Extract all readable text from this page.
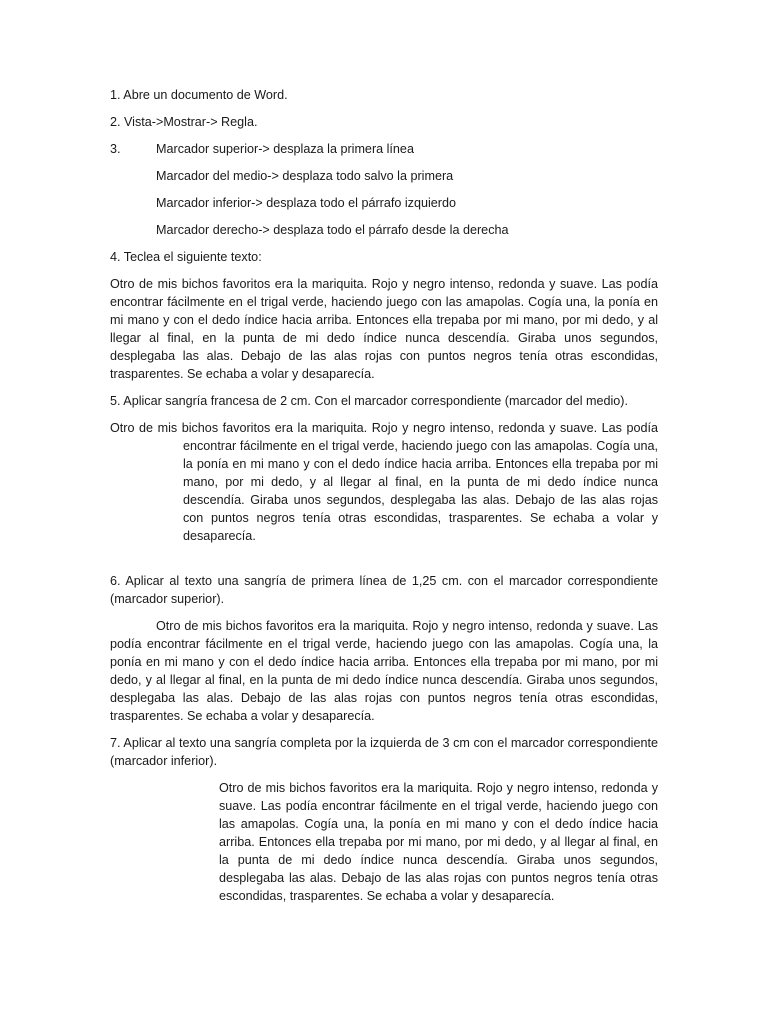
1. Abre un documento de Word.

2. Vista->Mostrar-> Regla.

3.	Marcador superior-> desplaza la primera línea

Marcador del medio-> desplaza todo salvo la primera

Marcador inferior-> desplaza todo el párrafo izquierdo

Marcador derecho-> desplaza todo el párrafo desde la derecha

4. Teclea el siguiente texto:

Otro de mis bichos favoritos era la mariquita. Rojo y negro intenso, redonda y suave. Las podía encontrar fácilmente en el trigal verde, haciendo juego con las amapolas. Cogía una, la ponía en mi mano y con el dedo índice hacia arriba. Entonces ella trepaba por mi mano, por mi dedo, y al llegar al final, en la punta de mi dedo índice nunca descendía. Giraba unos segundos, desplegaba las alas. Debajo de las alas rojas con puntos negros tenía otras escondidas, trasparentes. Se echaba a volar y desaparecía.

5. Aplicar sangría francesa de 2 cm. Con el marcador correspondiente (marcador del medio).

Otro de mis bichos favoritos era la mariquita. Rojo y negro intenso, redonda y suave. Las podía encontrar fácilmente en el trigal verde, haciendo juego con las amapolas. Cogía una, la ponía en mi mano y con el dedo índice hacia arriba. Entonces ella trepaba por mi mano, por mi dedo, y al llegar al final, en la punta de mi dedo índice nunca descendía. Giraba unos segundos, desplegaba las alas. Debajo de las alas rojas con puntos negros tenía otras escondidas, trasparentes. Se echaba a volar y desaparecía.

6. Aplicar al texto una sangría de primera línea de 1,25 cm. con el marcador correspondiente (marcador superior).

Otro de mis bichos favoritos era la mariquita. Rojo y negro intenso, redonda y suave. Las podía encontrar fácilmente en el trigal verde, haciendo juego con las amapolas. Cogía una, la ponía en mi mano y con el dedo índice hacia arriba. Entonces ella trepaba por mi mano, por mi dedo, y al llegar al final, en la punta de mi dedo índice nunca descendía. Giraba unos segundos, desplegaba las alas. Debajo de las alas rojas con puntos negros tenía otras escondidas, trasparentes. Se echaba a volar y desaparecía.

7. Aplicar al texto una sangría completa por la izquierda de 3 cm con el marcador correspondiente (marcador inferior).

Otro de mis bichos favoritos era la mariquita. Rojo y negro intenso, redonda y suave. Las podía encontrar fácilmente en el trigal verde, haciendo juego con las amapolas. Cogía una, la ponía en mi mano y con el dedo índice hacia arriba. Entonces ella trepaba por mi mano, por mi dedo, y al llegar al final, en la punta de mi dedo índice nunca descendía. Giraba unos segundos, desplegaba las alas. Debajo de las alas rojas con puntos negros tenía otras escondidas, trasparentes. Se echaba a volar y desaparecía.
